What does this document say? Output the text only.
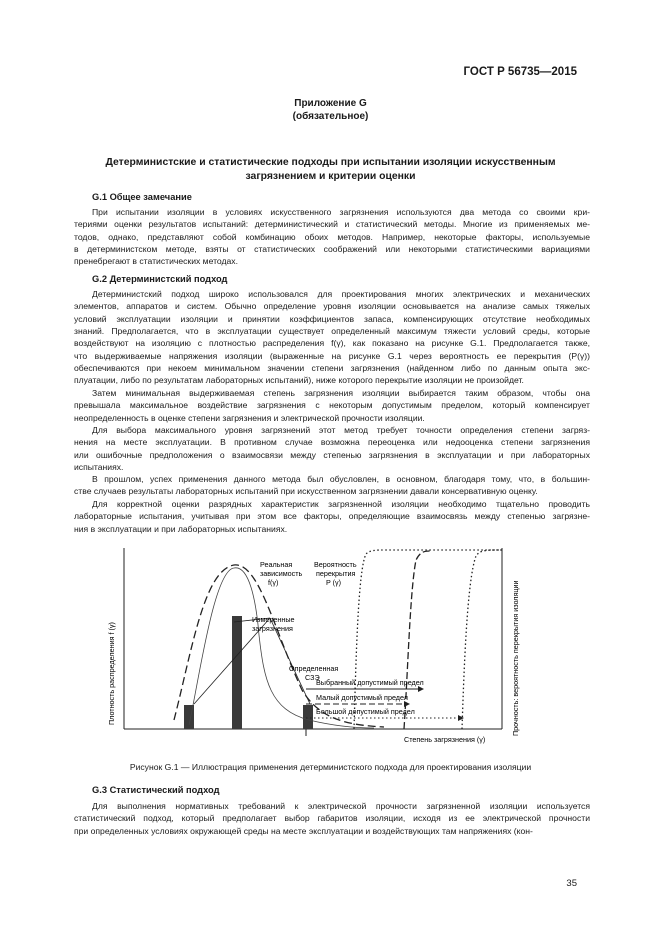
ГОСТ Р 56735—2015
Приложение G
(обязательное)
Детерминистские и статистические подходы при испытании изоляции искусственным
загрязнением и критерии оценки
G.1 Общее замечание
При испытании изоляции в условиях искусственного загрязнения используются два метода со своими кри-
териями оценки результатов испытаний: детерминистический и статистический методы. Многие из применяемых ме-
тодов, однако, представляют собой комбинацию обоих методов. Например, некоторые факторы, используемые
в детерминистском методе, взяты от статистических соображений или некоторыми статистическими вариациями
пренебрегают в статистических методах.
G.2 Детерминистский подход
Детерминистский подход широко использовался для проектирования многих электрических и механических
элементов, аппаратов и систем. Обычно определение уровня изоляции основывается на анализе самых тяжелых
условий эксплуатации изоляции и принятии коэффициентов запаса, компенсирующих отсутствие необходимых
знаний. Предполагается, что в эксплуатации существует определенный максимум тяжести условий среды, которые
воздействуют на изоляцию с плотностью распределения f(γ), как показано на рисунке G.1. Предполагается также,
что выдерживаемые напряжения изоляции (выраженные на рисунке G.1 через вероятность ее перекрытия (P(γ))
обеспечиваются при некоем минимальном значении степени загрязнения (найденном либо по данным опыта экс-
плуатации, либо по результатам лабораторных испытаний), ниже которого перекрытие изоляции не произойдет.
Затем минимальная выдерживаемая степень загрязнения изоляции выбирается таким образом, чтобы она
превышала максимальное воздействие загрязнения с некоторым допустимым пределом, который компенсирует
неопределенность в оценке степени загрязнения и электрической прочности изоляции.
Для выбора максимального уровня загрязнений этот метод требует точности определения степени загряз-
нения на месте эксплуатации. В противном случае возможна переоценка или недооценка степени загрязнения
или ошибочные предположения о взаимосвязи между степенью загрязнения в эксплуатации и при лабораторных
испытаниях.
В прошлом, успех применения данного метода был обусловлен, в основном, благодаря тому, что, в большин-
стве случаев результаты лабораторных испытаний при искусственном загрязнении давали консервативную оценку.
Для корректной оценки разрядных характеристик загрязненной изоляции необходимо тщательно проводить
лабораторные испытания, учитывая при этом все факторы, определяющие взаимосвязь между степенью загрязне-
ния в эксплуатации и при лабораторных испытаниях.
Реальная
зависимость
f(γ)
Вероятность
перекрытия
P (γ)
Измеренные
загрязнения
Определенная
СЗЭ
Выбранный допустимый предел
Малый допустимый предел
Большой допустимый предел
Степень загрязнения (γ)
Плотность распределения f (γ)	Прочность: вероятность перекрытия изоляции
Рисунок G.1 — Иллюстрация применения детерминистского подхода для проектирования изоляции
G.3 Статистический подход
Для выполнения нормативных требований к электрической прочности загрязненной изоляции используется
статистический подход, который предполагает выбор габаритов изоляции, исходя из ее электрической прочности
при определенных условиях окружающей среды на месте эксплуатации и воздействующих там напряжениях (кон-
35
